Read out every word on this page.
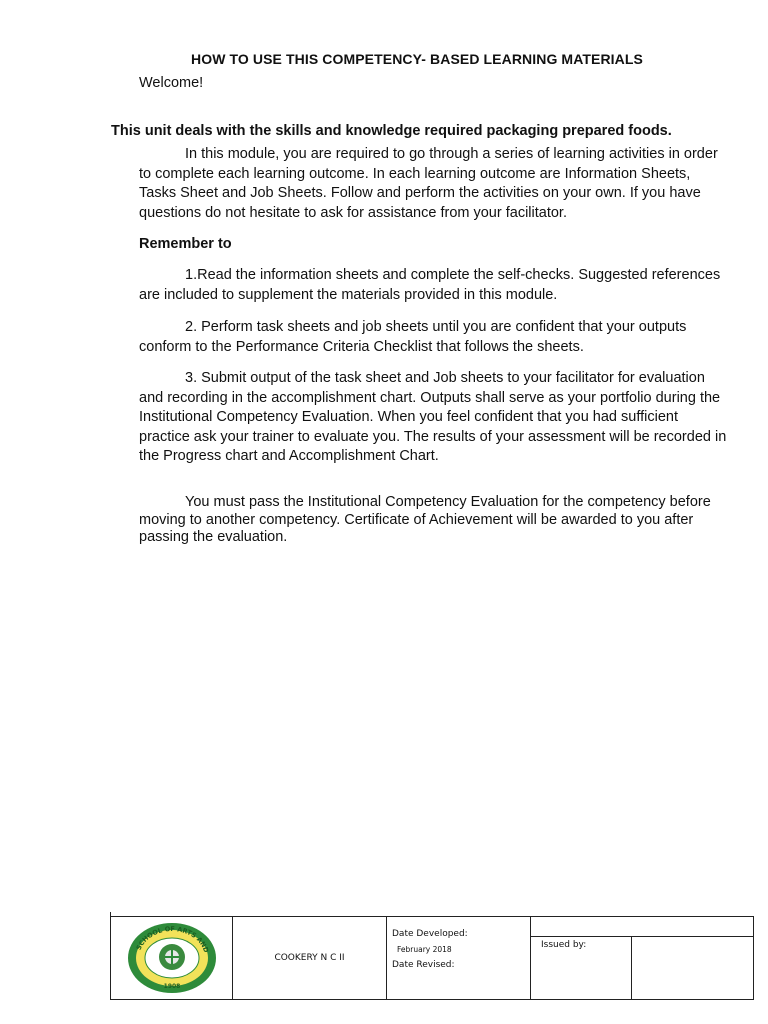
HOW TO USE THIS COMPETENCY- BASED LEARNING MATERIALS
Welcome!
This unit deals with the skills and knowledge required packaging prepared foods.

In this module, you are required to go through a series of learning activities in order to complete each learning outcome. In each learning outcome are Information Sheets, Tasks Sheet and Job Sheets. Follow and perform the activities on your own. If you have questions do not hesitate to ask for assistance from your facilitator.

Remember to

1.Read the information sheets and complete the self-checks. Suggested references are included to supplement the materials provided in this module.

2. Perform task sheets and job sheets until you are confident that your outputs conform to the Performance Criteria Checklist that follows the sheets.

3. Submit output of the task sheet and Job sheets to your facilitator for evaluation and recording in the accomplishment chart. Outputs shall serve as your portfolio during the Institutional Competency Evaluation. When you feel confident that you had sufficient practice ask your trainer to evaluate you. The results of your assessment will be recorded in the Progress chart and Accomplishment Chart.

You must pass the Institutional Competency Evaluation for the competency before moving to another competency. Certificate of Achievement will be awarded to you after passing the evaluation.

SCHOOL OF ARTS AND
1908
COOKERY N C II
Date Developed:
February 2018
Date Revised:
Issued by:
